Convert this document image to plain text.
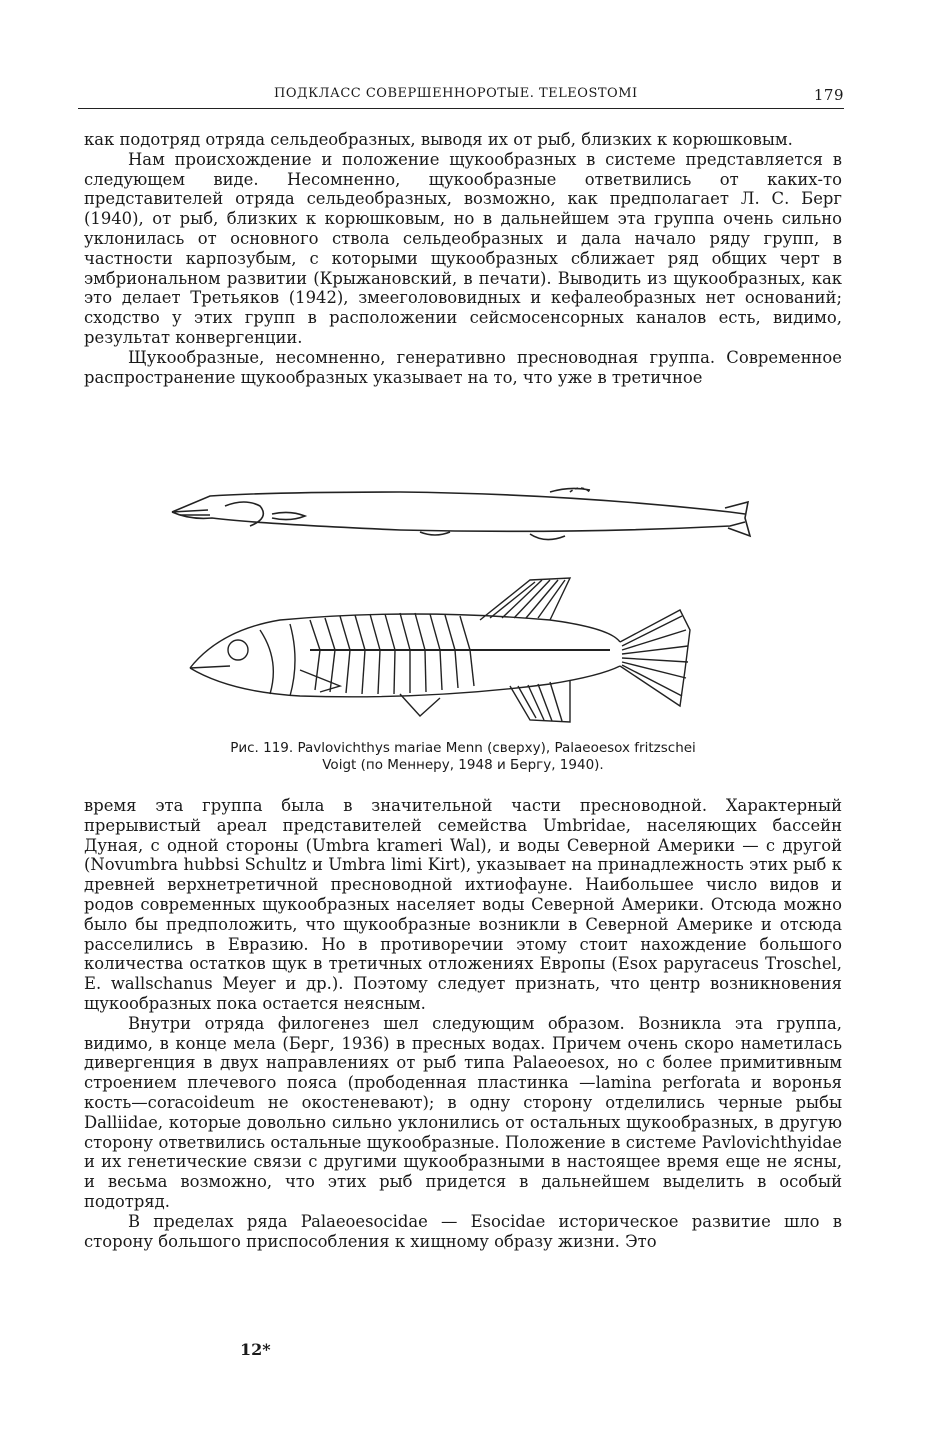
ПОДКЛАСС СОВЕРШЕННОРОТЫЕ. TELEOSTOMI	179

как подотряд отряда сельдеобразных, выводя их от рыб, близких к корюшковым.

Нам происхождение и положение щукообразных в системе представляется в следующем виде. Несомненно, щукообразные ответвились от каких-то представителей отряда сельдеобразных, возможно, как предполагает Л. С. Берг (1940), от рыб, близких к корюшковым, но в дальнейшем эта группа очень сильно уклонилась от основного ствола сельдеобразных и дала начало ряду групп, в частности карпозубым, с которыми щукообразных сближает ряд общих черт в эмбриональном развитии (Крыжановский, в печати). Выводить из щукообразных, как это делает Третьяков (1942), змееголововидных и кефалеобразных нет оснований; сходство у этих групп в расположении сейсмосенсорных каналов есть, видимо, результат конвергенции.

Щукообразные, несомненно, генеративно пресноводная группа. Современное распространение щукообразных указывает на то, что уже в третичное

Рис. 119. Pavlovichthys mariae Menn (сверху), Palaeoesox fritzschei
Voigt (по Меннеру, 1948 и Бергу, 1940).

время эта группа была в значительной части пресноводной. Характерный прерывистый ареал представителей семейства Umbridae, населяющих бассейн Дуная, с одной стороны (Umbra krameri Wal), и воды Северной Америки — с другой (Novumbra hubbsi Schultz и Umbra limi Kirt), указывает на принадлежность этих рыб к древней верхнетретичной пресноводной ихтиофауне. Наибольшее число видов и родов современных щукообразных населяет воды Северной Америки. Отсюда можно было бы предположить, что щукообразные возникли в Северной Америке и отсюда расселились в Евразию. Но в противоречии этому стоит нахождение большого количества остатков щук в третичных отложениях Европы (Esox papyraceus Troschel, E. wallschanus Meyer и др.). Поэтому следует признать, что центр возникновения щукообразных пока остается неясным.

Внутри отряда филогенез шел следующим образом. Возникла эта группа, видимо, в конце мела (Берг, 1936) в пресных водах. Причем очень скоро наметилась дивергенция в двух направлениях от рыб типа Palaeoesox, но с более примитивным строением плечевого пояса (прободенная пластинка —lamina perforata и воронья кость—coracoideum не окостеневают); в одну сторону отделились черные рыбы Dalliidae, которые довольно сильно уклонились от остальных щукообразных, в другую сторону ответвились остальные щукообразные. Положение в системе Pavlovichthyidae и их генетические связи с другими щукообразными в настоящее время еще не ясны, и весьма возможно, что этих рыб придется в дальнейшем выделить в особый подотряд.

В пределах ряда Palaeoesocidae — Esocidae историческое развитие шло в сторону большого приспособления к хищному образу жизни. Это

12*
